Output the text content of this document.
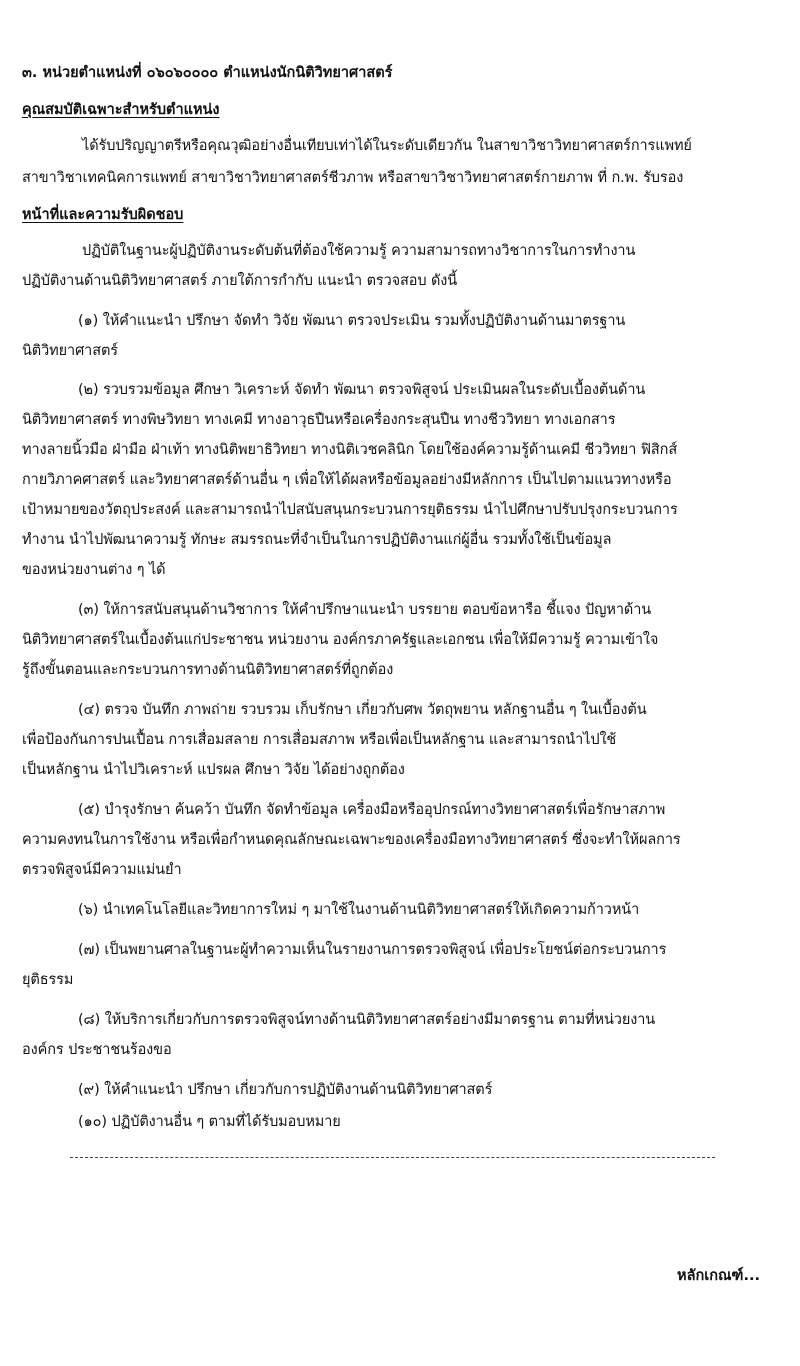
๓. หน่วยตำแหน่งที่ ๐๖๐๖๐๐๐๐ ตำแหน่งนักนิติวิทยาศาสตร์
คุณสมบัติเฉพาะสำหรับตำแหน่ง
ได้รับปริญญาตรีหรือคุณวุฒิอย่างอื่นเทียบเท่าได้ในระดับเดียวกัน ในสาขาวิชาวิทยาศาสตร์การแพทย์
สาขาวิชาเทคนิคการแพทย์ สาขาวิชาวิทยาศาสตร์ชีวภาพ หรือสาขาวิชาวิทยาศาสตร์กายภาพ ที่ ก.พ. รับรอง
หน้าที่และความรับผิดชอบ
ปฏิบัติในฐานะผู้ปฏิบัติงานระดับต้นที่ต้องใช้ความรู้ ความสามารถทางวิชาการในการทำงาน
ปฏิบัติงานด้านนิติวิทยาศาสตร์ ภายใต้การกำกับ แนะนำ ตรวจสอบ ดังนี้
(๑) ให้คำแนะนำ ปรึกษา จัดทำ วิจัย พัฒนา ตรวจประเมิน รวมทั้งปฏิบัติงานด้านมาตรฐาน
นิติวิทยาศาสตร์
(๒) รวบรวมข้อมูล ศึกษา วิเคราะห์ จัดทำ พัฒนา ตรวจพิสูจน์ ประเมินผลในระดับเบื้องต้นด้าน
นิติวิทยาศาสตร์ ทางพิษวิทยา ทางเคมี ทางอาวุธปืนหรือเครื่องกระสุนปืน ทางชีววิทยา ทางเอกสาร
ทางลายนิ้วมือ ฝ่ามือ ฝ่าเท้า ทางนิติพยาธิวิทยา ทางนิติเวชคลินิก โดยใช้องค์ความรู้ด้านเคมี ชีววิทยา ฟิสิกส์
กายวิภาคศาสตร์ และวิทยาศาสตร์ด้านอื่น ๆ เพื่อให้ได้ผลหรือข้อมูลอย่างมีหลักการ เป็นไปตามแนวทางหรือ
เป้าหมายของวัตถุประสงค์ และสามารถนำไปสนับสนุนกระบวนการยุติธรรม นำไปศึกษาปรับปรุงกระบวนการ
ทำงาน นำไปพัฒนาความรู้ ทักษะ สมรรถนะที่จำเป็นในการปฏิบัติงานแก่ผู้อื่น รวมทั้งใช้เป็นข้อมูล
ของหน่วยงานต่าง ๆ ได้
(๓) ให้การสนับสนุนด้านวิชาการ ให้คำปรึกษาแนะนำ บรรยาย ตอบข้อหารือ ชี้แจง ปัญหาด้าน
นิติวิทยาศาสตร์ในเบื้องต้นแก่ประชาชน หน่วยงาน องค์กรภาครัฐและเอกชน เพื่อให้มีความรู้ ความเข้าใจ
รู้ถึงขั้นตอนและกระบวนการทางด้านนิติวิทยาศาสตร์ที่ถูกต้อง
(๔) ตรวจ บันทึก ภาพถ่าย รวบรวม เก็บรักษา เกี่ยวกับศพ วัตถุพยาน หลักฐานอื่น ๆ ในเบื้องต้น
เพื่อป้องกันการปนเปื้อน การเสื่อมสลาย การเสื่อมสภาพ หรือเพื่อเป็นหลักฐาน และสามารถนำไปใช้
เป็นหลักฐาน นำไปวิเคราะห์ แปรผล ศึกษา วิจัย ได้อย่างถูกต้อง
(๕) บำรุงรักษา ค้นคว้า บันทึก จัดทำข้อมูล เครื่องมือหรืออุปกรณ์ทางวิทยาศาสตร์เพื่อรักษาสภาพ
ความคงทนในการใช้งาน หรือเพื่อกำหนดคุณลักษณะเฉพาะของเครื่องมือทางวิทยาศาสตร์ ซึ่งจะทำให้ผลการ
ตรวจพิสูจน์มีความแม่นยำ
(๖) นำเทคโนโลยีและวิทยาการใหม่ ๆ มาใช้ในงานด้านนิติวิทยาศาสตร์ให้เกิดความก้าวหน้า
(๗) เป็นพยานศาลในฐานะผู้ทำความเห็นในรายงานการตรวจพิสูจน์ เพื่อประโยชน์ต่อกระบวนการ
ยุติธรรม
(๘) ให้บริการเกี่ยวกับการตรวจพิสูจน์ทางด้านนิติวิทยาศาสตร์อย่างมีมาตรฐาน ตามที่หน่วยงาน
องค์กร ประชาชนร้องขอ
(๙) ให้คำแนะนำ ปรึกษา เกี่ยวกับการปฏิบัติงานด้านนิติวิทยาศาสตร์
(๑๐) ปฏิบัติงานอื่น ๆ ตามที่ได้รับมอบหมาย
หลักเกณฑ์...
